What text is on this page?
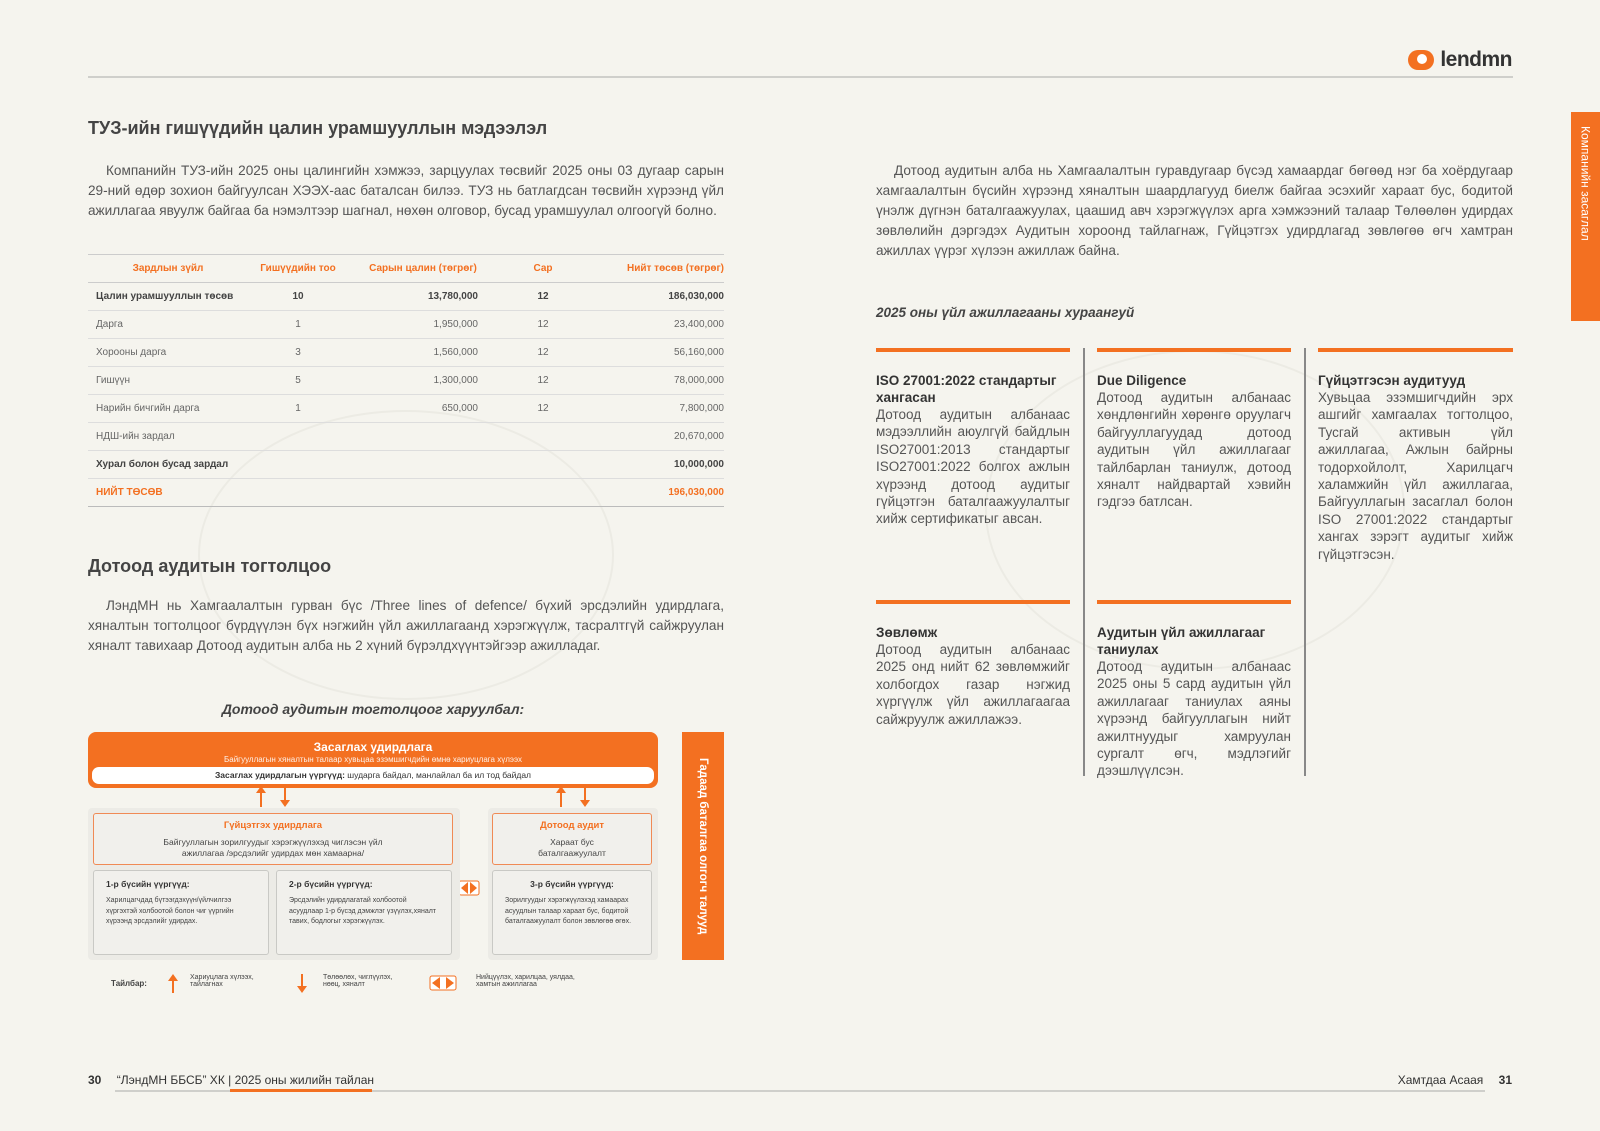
lendmn
Компанийн засаглал
ТУЗ-ийн гишүүдийн цалин урамшууллын мэдээлэл

Компанийн ТУЗ-ийн 2025 оны цалингийн хэмжээ, зарцуулах төсвийг 2025 оны 03 дугаар сарын 29-ний өдөр зохион байгуулсан ХЭЭХ-аас баталсан билээ. ТУЗ нь батлагдсан төсвийн хүрээнд үйл ажиллагаа явуулж байгаа ба нэмэлтээр шагнал, нөхөн олговор, бусад урамшуулал олгоогүй болно.

Зардлын зүйл	Гишүүдийн тоо	Сарын цалин (төгрөг)	Сар	Нийт төсөв (төгрөг)
Цалин урамшууллын төсөв	10	13,780,000	12	186,030,000
Дарга	1	1,950,000	12	23,400,000
Хорооны дарга	3	1,560,000	12	56,160,000
Гишүүн	5	1,300,000	12	78,000,000
Нарийн бичгийн дарга	1	650,000	12	7,800,000
НДШ-ийн зардал				20,670,000
Хурал болон бусад зардал				10,000,000
НИЙТ ТӨСӨВ				196,030,000
Дотоод аудитын тогтолцоо

ЛэндМН нь Хамгаалалтын гурван бүс /Three lines of defence/ бүхий эрсдэлийн удирдлага, хяналтын тогтолцоог бүрдүүлэн бүх нэгжийн үйл ажиллагаанд хэрэгжүүлж, тасралтгүй сайжруулан хяналт тавихаар Дотоод аудитын алба нь 2 хүний бүрэлдхүүнтэйгээр ажилладаг.

Дотоод аудитын тогтолцоог харуулбал:
Засаглах удирдлага
Байгууллагын хяналтын талаар хувьцаа эзэмшигчдийн өмнө хариуцлага хүлээх
Засаглах удирдлагын үүргүүд: шударга байдал, манлайлал ба ил тод байдал
Гүйцэтгэх удирдлага
Байгууллагын зорилгуудыг хэрэгжүүлэхэд чиглэсэн үйл ажиллагаа /эрсдэлийг удирдах мөн хамаарна/
Дотоод аудит
Хараат бус баталгаажуулалт
1-р бүсийн үүргүүд:
Харилцагчдад бүтээгдэхүүн/үйлчилгээ хүргэхтэй холбоотой болон чиг үүргийн хүрээнд эрсдэлийг удирдах.
2-р бүсийн үүргүүд:
Эрсдэлийн удирдлагатай холбоотой асуудлаар 1-р бүсэд дэмжлэг үзүүлэх,хяналт тавих, бодлогыг хэрэгжүүлэх.
3-р бүсийн үүргүүд:
Зорилгуудыг хэрэгжүүлэхэд хамаарах асуудлын талаар хараат бус, бодитой баталгаажуулалт болон зөвлөгөө өгөх.	Гадаад баталгаа олгогч талууд
Тайлбар:
Хариуцлага хүлээх, тайлагнах
Төлөөлөх, чиглүүлэх, нөөц, хяналт
Нийцүүлэх, харилцаа, уялдаа, хамтын ажиллагаа

Дотоод аудитын алба нь Хамгаалалтын гуравдугаар бүсэд хамаардаг бөгөөд нэг ба хоёрдугаар хамгаалалтын бүсийн хүрээнд хяналтын шаардлагууд биелж байгаа эсэхийг хараат бус, бодитой үнэлж дүгнэн баталгаажуулах, цаашид авч хэрэгжүүлэх арга хэмжээний талаар Төлөөлөн удирдах зөвлөлийн дэргэдэх Аудитын хороонд тайлагнаж, Гүйцэтгэх удирдлагад зөвлөгөө өгч хамтран ажиллах үүрэг хүлээн ажиллаж байна.

2025 оны үйл ажиллагааны хураангуй
ISO 27001:2022 стандартыг хангасан
Дотоод аудитын албанаас мэдээллийн аюулгүй байдлын ISO27001:2013 стандартыг ISO27001:2022 болгох ажлын хүрээнд дотоод аудитыг гүйцэтгэн баталгаажуулалтыг хийж сертификатыг авсан.
Due Diligence
Дотоод аудитын албанаас хөндлөнгийн хөрөнгө оруулагч байгууллагуудад дотоод аудитын үйл ажиллагааг тайлбарлан таниулж, дотоод хяналт найдвартай хэвийн гэдгээ батлсан.
Гүйцэтгэсэн аудитууд
Хувьцаа эзэмшигчдийн эрх ашгийг хамгаалах тогтолцоо, Тусгай активын үйл ажиллагаа, Ажлын байрны тодорхойлолт, Харилцагч халамжийн үйл ажиллагаа, Байгууллагын засаглал болон ISO 27001:2022 стандартыг хангах зэрэгт аудитыг хийж гүйцэтгэсэн.
Зөвлөмж
Дотоод аудитын албанаас 2025 онд нийт 62 зөвлөмжийг холбогдох газар нэгжид хүргүүлж үйл ажиллагаагаа сайжруулж ажиллажээ.
Аудитын үйл ажиллагааг таниулах
Дотоод аудитын албанаас 2025 оны 5 сард аудитын үйл ажиллагааг таниулах аяны хүрээнд байгууллагын нийт ажилтнуудыг хамруулан сургалт өгч, мэдлэгийг дээшлүүлсэн.
30 “ЛэндМН ББСБ” ХК | 2025 оны жилийн тайлан	Хамтдаа Асаая 31
